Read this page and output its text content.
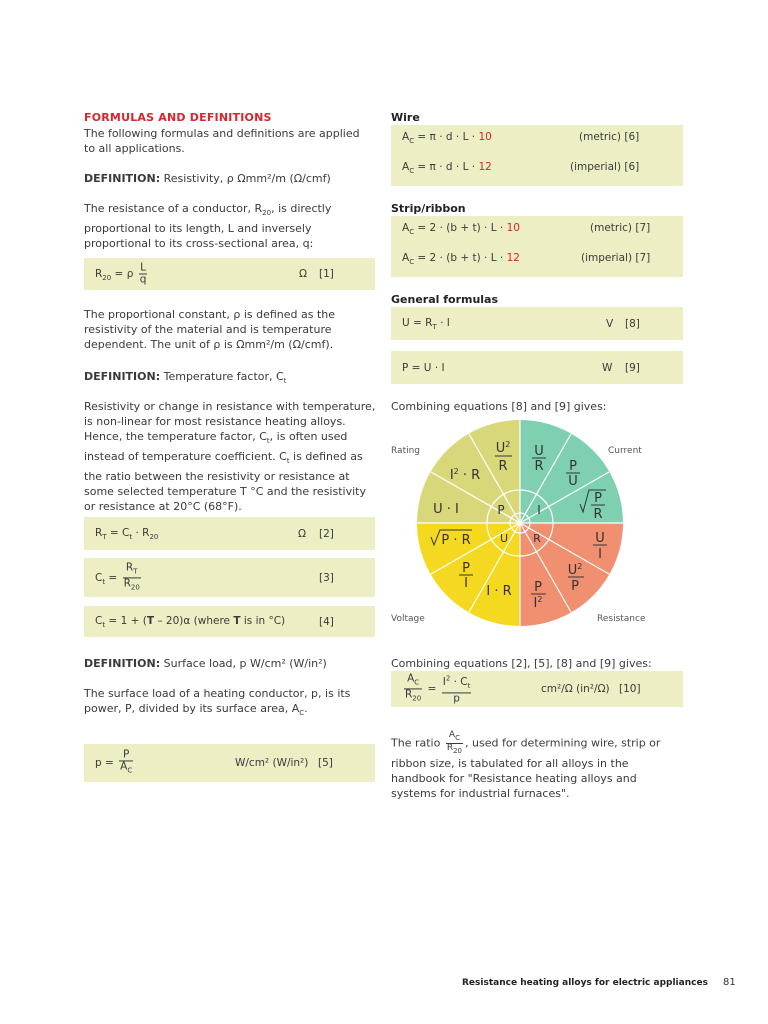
FORMULAS AND DEFINITIONS
The following formulas and definitions are applied to all applications.
DEFINITION: Resistivity, ρ Ωmm²/m (Ω/cmf)
The resistance of a conductor, $R_{20}$, is directly proportional to its length, L and inversely proportional to its cross-sectional area, q:
$R_{20} = \rho \frac{L}{q}$	Ω [1]
The proportional constant, ρ is defined as the resistivity of the material and is temperature dependent. The unit of ρ is Ωmm²/m (Ω/cmf).
DEFINITION: Temperature factor, $C_t$
Resistivity or change in resistance with temperature, is non-linear for most resistance heating alloys. Hence, the temperature factor, $C_t$, is often used instead of temperature coefficient. $C_t$ is defined as the ratio between the resistivity or resistance at some selected temperature T °C and the resistivity or resistance at 20°C (68°F).
$R_T = C_t \cdot R_{20}$	Ω [2]
$C_t = \frac{R_T}{R_{20}}$	[3]
$C_t = 1 + (T - 20)\alpha$ (where T is in °C)	[4]
DEFINITION: Surface load, p W/cm² (W/in²)
The surface load of a heating conductor, p, is its power, P, divided by its surface area, $A_C$.
$p = \frac{P}{A_C}$	W/cm² (W/in²) [5]
Wire
$A_C = \pi \cdot d \cdot L \cdot 10$	(metric) [6]
$A_C = \pi \cdot d \cdot L \cdot 12$	(imperial) [6]
Strip/ribbon
$A_C = 2 \cdot (b + t) \cdot L \cdot 10$	(metric) [7]
$A_C = 2 \cdot (b + t) \cdot L \cdot 12$	(imperial) [7]
General formulas
$U = R_T \cdot I$	V [8]
P = U · I	W [9]
Combining equations [8] and [9] gives:
Rating	Current
Voltage	Resistance
P	I
U R
U · I
$I^2 \cdot R$
$U^2$
R
U
R P
U
P
R
P · R
P
I
I · R P
$I^2$
$U^2$
P
U
I
Combining equations [2], [5], [8] and [9] gives:
$\frac{A_C}{R_{20}} = \frac{I^2 \cdot C_t}{p}$	cm²/Ω (in²/Ω) [10]
The ratio $\frac{A_C}{R_{20}}$ , used for determining wire, strip or ribbon size, is tabulated for all alloys in the handbook for "Resistance heating alloys and systems for industrial furnaces".
Resistance heating alloys for electric appliances 81
